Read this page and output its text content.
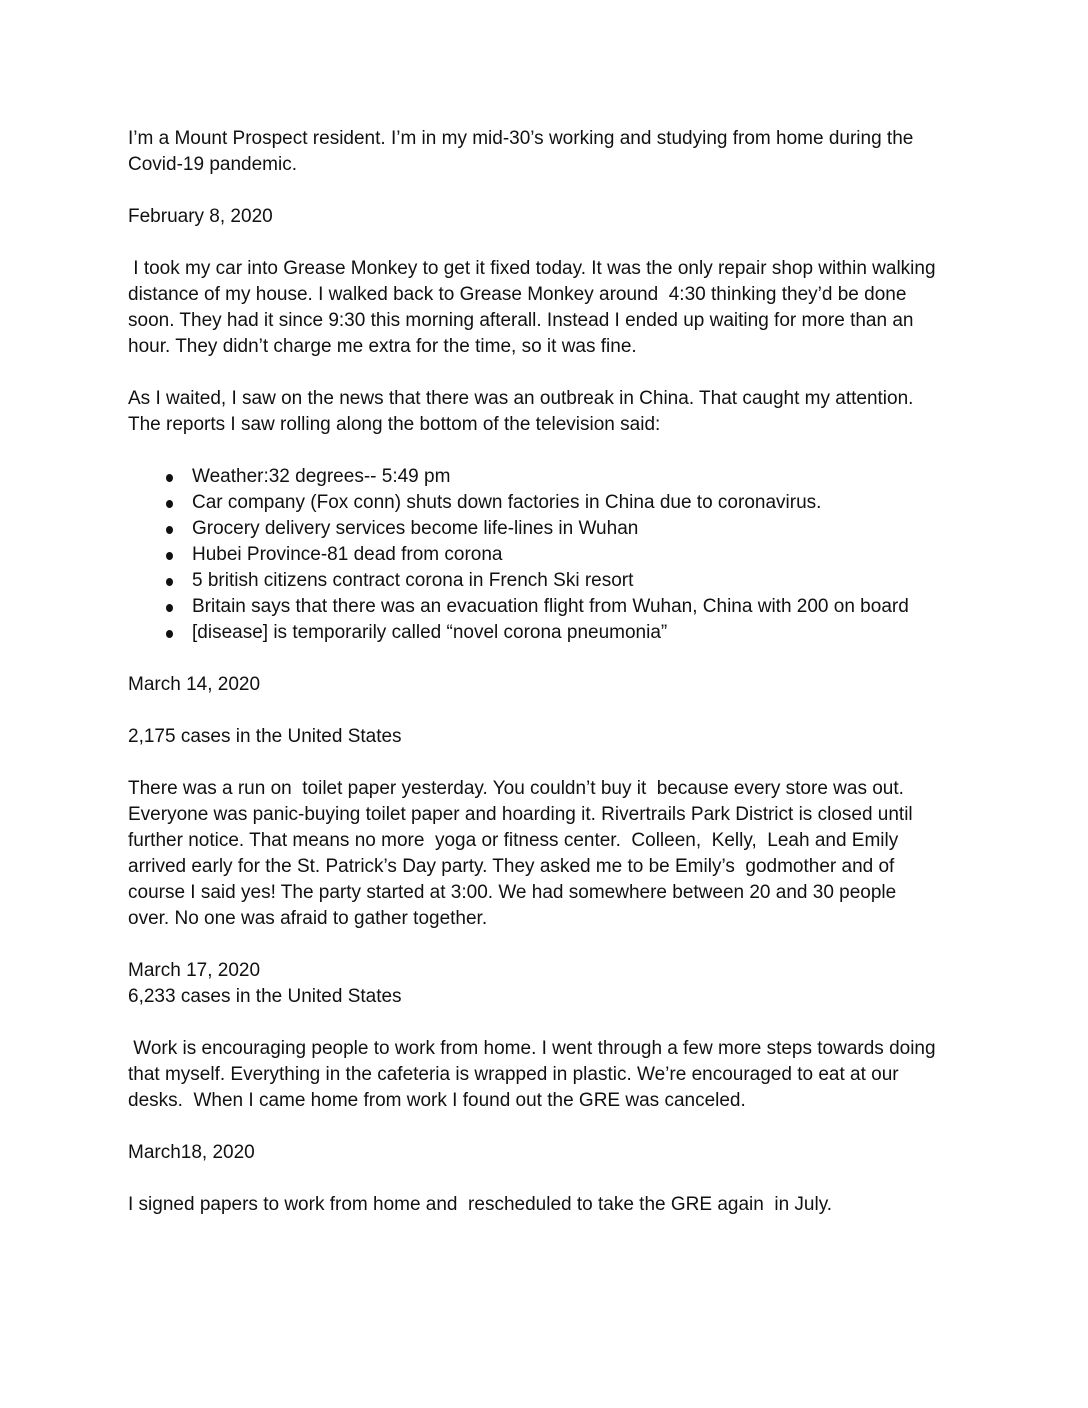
I’m a Mount Prospect resident. I’m in my mid-30’s working and studying from home during the

Covid-19 pandemic.

February 8, 2020

I took my car into Grease Monkey to get it fixed today. It was the only repair shop within walking

distance of my house. I walked back to Grease Monkey around  4:30 thinking they’d be done

soon. They had it since 9:30 this morning afterall. Instead I ended up waiting for more than an

hour. They didn’t charge me extra for the time, so it was fine.

As I waited, I saw on the news that there was an outbreak in China. That caught my attention.

The reports I saw rolling along the bottom of the television said:

Weather:32 degrees-- 5:49 pm
Car company (Fox conn) shuts down factories in China due to coronavirus.
Grocery delivery services become life-lines in Wuhan
Hubei Province-81 dead from corona
5 british citizens contract corona in French Ski resort
Britain says that there was an evacuation flight from Wuhan, China with 200 on board
[disease] is temporarily called “novel corona pneumonia”

March 14, 2020

2,175 cases in the United States

There was a run on  toilet paper yesterday. You couldn’t buy it  because every store was out.

Everyone was panic-buying toilet paper and hoarding it. Rivertrails Park District is closed until

further notice. That means no more  yoga or fitness center.  Colleen,  Kelly,  Leah and Emily

arrived early for the St. Patrick’s Day party. They asked me to be Emily’s  godmother and of

course I said yes! The party started at 3:00. We had somewhere between 20 and 30 people

over. No one was afraid to gather together.

March 17, 2020

6,233 cases in the United States

Work is encouraging people to work from home. I went through a few more steps towards doing

that myself. Everything in the cafeteria is wrapped in plastic. We’re encouraged to eat at our

desks.  When I came home from work I found out the GRE was canceled.

March18, 2020

I signed papers to work from home and  rescheduled to take the GRE again  in July.
